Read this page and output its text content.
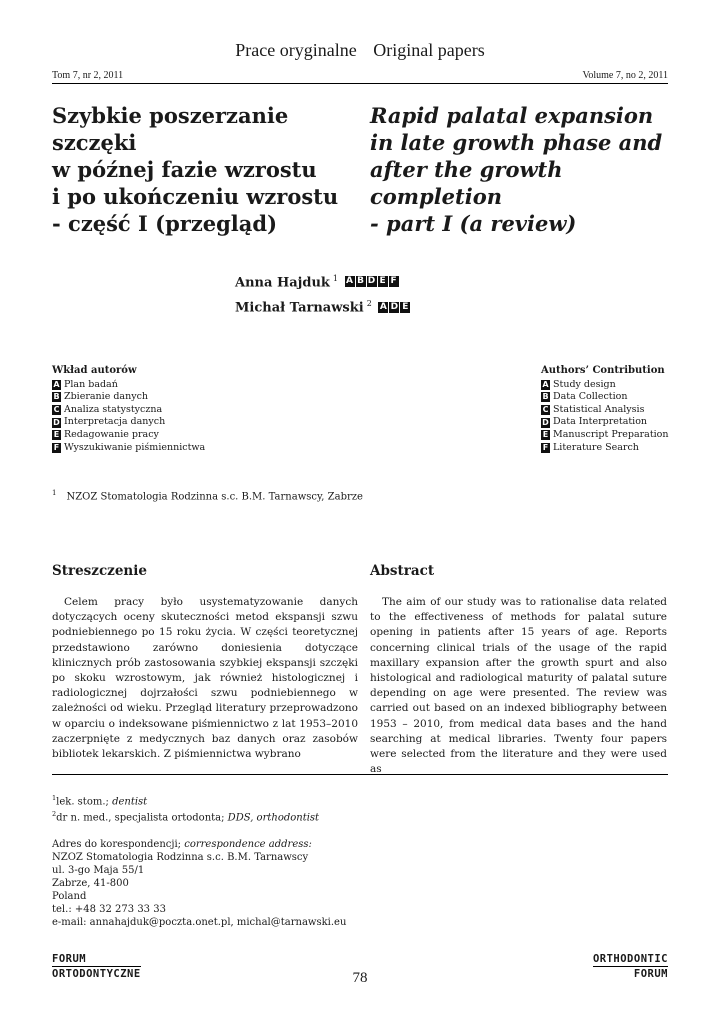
Prace oryginalne Original papers
Tom 7, nr 2, 2011	Volume 7, no 2, 2011
Szybkie poszerzanie szczęki
w późnej fazie wzrostu
i po ukończeniu wzrostu
- część I (przegląd)
Rapid palatal expansion
in late growth phase and
after the growth completion
- part I (a review)
Anna Hajduk $^1$ A B D E F
Michał Tarnawski $^2$ A D E
Wkład autorów
A Plan badań
B Zbieranie danych
C Analiza statystyczna
D Interpretacja danych
E Redagowanie pracy
F Wyszukiwanie piśmiennictwa
Authors’ Contribution
A Study design
B Data Collection
C Statistical Analysis
D Data Interpretation
E Manuscript Preparation
F Literature Search
$^1$ NZOZ Stomatologia Rodzinna s.c. B.M. Tarnawscy, Zabrze
Streszczenie	Abstract

Celem pracy było usystematyzowanie danych dotyczących oceny skuteczności metod ekspansji szwu podniebiennego po 15 roku życia. W części teoretycznej przedstawiono zarówno doniesienia dotyczące klinicznych prób zastosowania szybkiej ekspansji szczęki po skoku wzrostowym, jak również histologicznej i radiologicznej dojrzałości szwu podniebiennego w zależności od wieku. Przegląd literatury przeprowadzono w oparciu o indeksowane piśmiennictwo z lat 1953–2010 zaczerpnięte z medycznych baz danych oraz zasobów bibliotek lekarskich. Z piśmiennictwa wybrano

The aim of our study was to rationalise data related to the effectiveness of methods for palatal suture opening in patients after 15 years of age. Reports concerning clinical trials of the usage of the rapid maxillary expansion after the growth spurt and also histological and radiological maturity of palatal suture depending on age were presented. The review was carried out based on an indexed bibliography between 1953 – 2010, from medical data bases and the hand searching at medical libraries. Twenty four papers were selected from the literature and they were used as

$^1$lek. stom.; dentist
$^2$dr n. med., specjalista ortodonta; DDS, orthodontist
Adres do korespondencji; correspondence address:
NZOZ Stomatologia Rodzinna s.c. B.M. Tarnawscy
ul. 3-go Maja 55/1
Zabrze, 41-800
Poland
tel.: +48 32 273 33 33
e-mail: annahajduk@poczta.onet.pl, michal@tarnawski.eu
FORUM
ORTODONTYCZNE
ORTHODONTIC
FORUM
78
